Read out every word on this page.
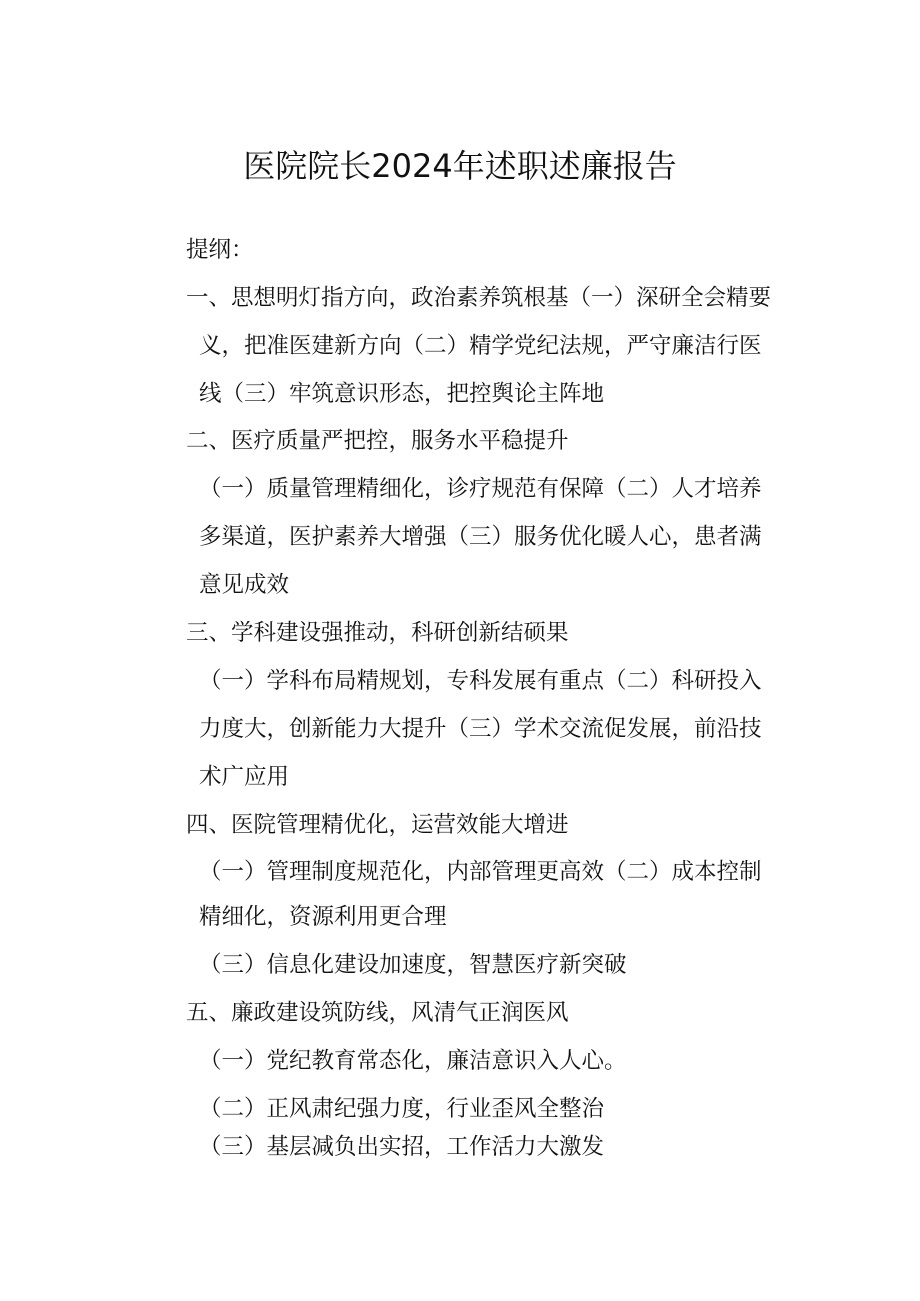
医院院长2024年述职述廉报告
提纲：
一、思想明灯指方向，政治素养筑根基（一）深研全会精要
义，把准医建新方向（二）精学党纪法规，严守廉洁行医
线（三）牢筑意识形态，把控舆论主阵地
二、医疗质量严把控，服务水平稳提升
（一）质量管理精细化，诊疗规范有保障（二）人才培养
多渠道，医护素养大增强（三）服务优化暖人心，患者满
意见成效
三、学科建设强推动，科研创新结硕果
（一）学科布局精规划，专科发展有重点（二）科研投入
力度大，创新能力大提升（三）学术交流促发展，前沿技
术广应用
四、医院管理精优化，运营效能大增进
（一）管理制度规范化，内部管理更高效（二）成本控制
精细化，资源利用更合理
（三）信息化建设加速度，智慧医疗新突破
五、廉政建设筑防线，风清气正润医风
（一）党纪教育常态化，廉洁意识入人心。
（二）正风肃纪强力度，行业歪风全整治
（三）基层减负出实招，工作活力大激发
